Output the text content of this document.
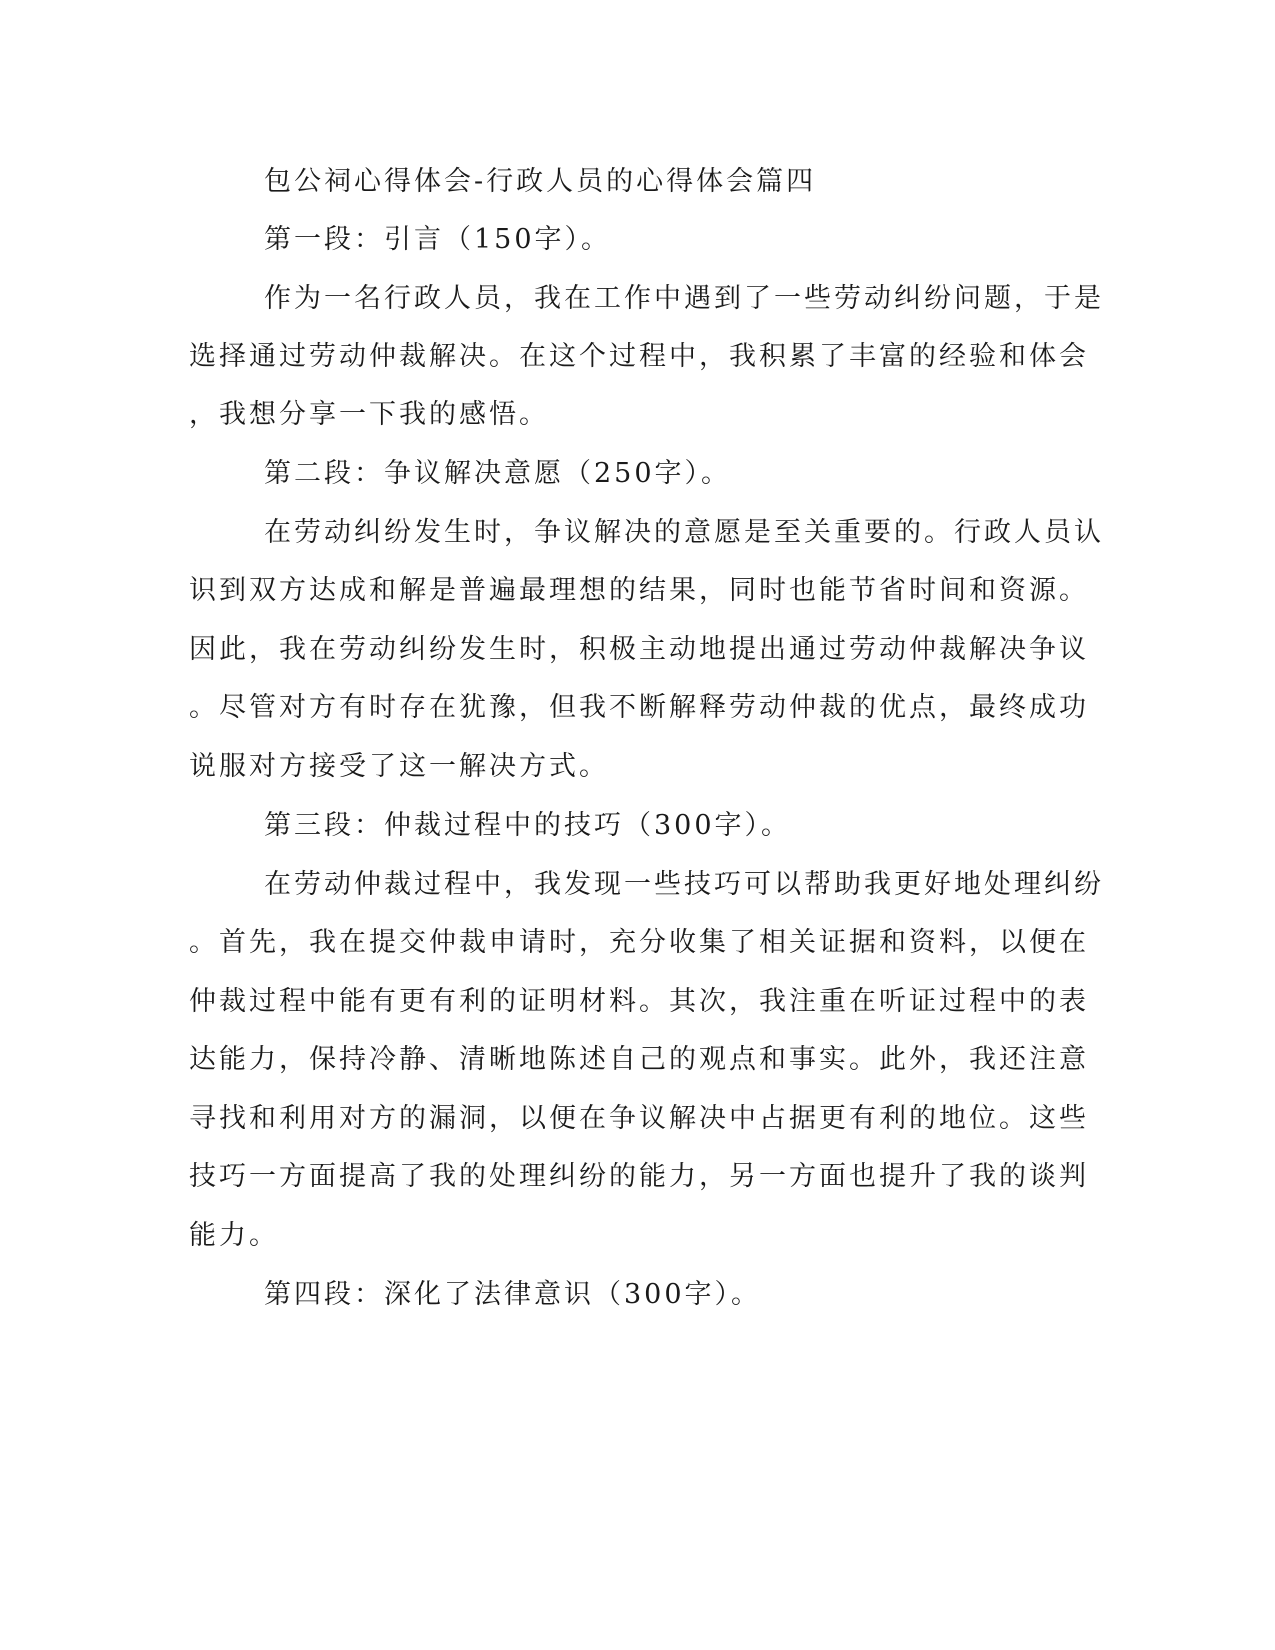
包公祠心得体会-行政人员的心得体会篇四
第一段：引言（150字）。
作为一名行政人员，我在工作中遇到了一些劳动纠纷问题，于是
选择通过劳动仲裁解决。在这个过程中，我积累了丰富的经验和体会
，我想分享一下我的感悟。
第二段：争议解决意愿（250字）。
在劳动纠纷发生时，争议解决的意愿是至关重要的。行政人员认
识到双方达成和解是普遍最理想的结果，同时也能节省时间和资源。
因此，我在劳动纠纷发生时，积极主动地提出通过劳动仲裁解决争议
。尽管对方有时存在犹豫，但我不断解释劳动仲裁的优点，最终成功
说服对方接受了这一解决方式。
第三段：仲裁过程中的技巧（300字）。
在劳动仲裁过程中，我发现一些技巧可以帮助我更好地处理纠纷
。首先，我在提交仲裁申请时，充分收集了相关证据和资料，以便在
仲裁过程中能有更有利的证明材料。其次，我注重在听证过程中的表
达能力，保持冷静、清晰地陈述自己的观点和事实。此外，我还注意
寻找和利用对方的漏洞，以便在争议解决中占据更有利的地位。这些
技巧一方面提高了我的处理纠纷的能力，另一方面也提升了我的谈判
能力。
第四段：深化了法律意识（300字）。
